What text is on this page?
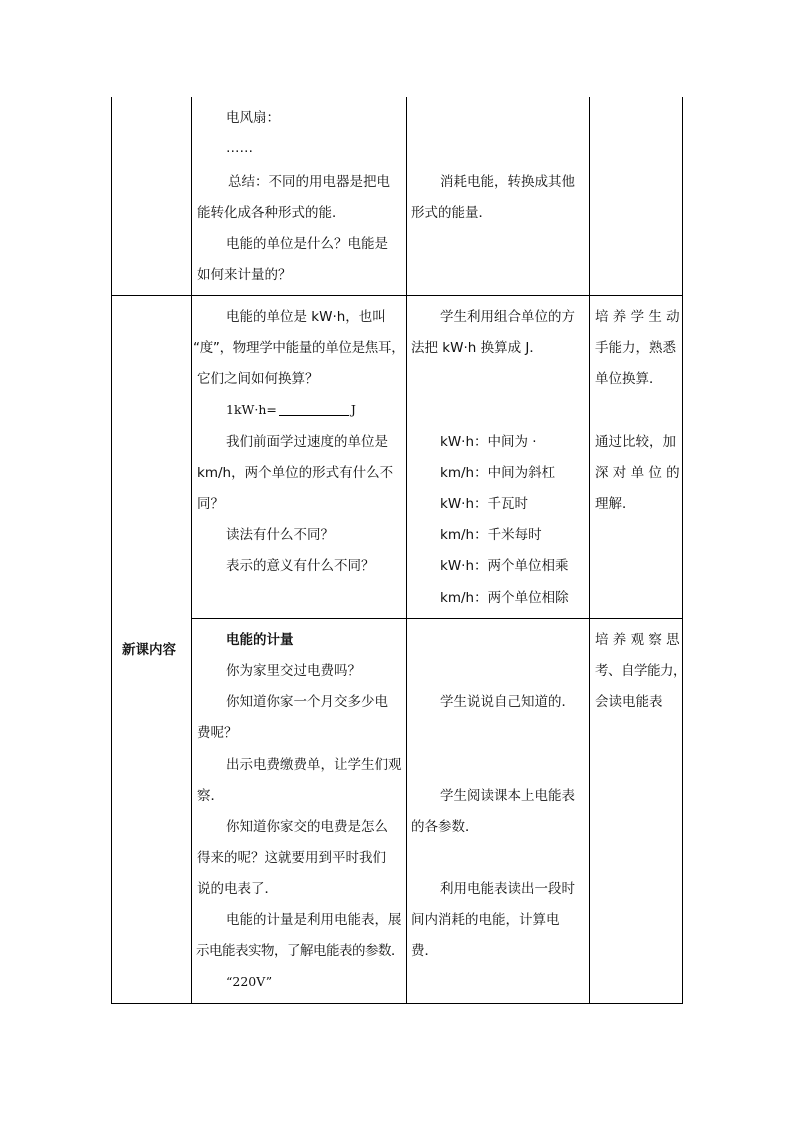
电风扇：
……
总结：不同的用电器是把电
能转化成各种形式的能．
电能的单位是什么？电能是
如何来计量的？
消耗电能，转换成其他
形式的能量．
新课内容
电能的单位是 kW·h，也叫
“度”，物理学中能量的单位是焦耳，
它们之间如何换算？
1kW·h=	J
我们前面学过速度的单位是
km/h，两个单位的形式有什么不
同？
读法有什么不同？
表示的意义有什么不同？
学生利用组合单位的方
法把 kW·h 换算成 J．
kW·h：中间为 ·
km/h：中间为斜杠
kW·h：千瓦时
km/h：千米每时
kW·h：两个单位相乘
km/h：两个单位相除
培 养 学 生 动
手能力，熟悉
单位换算．
通过比较，加
深 对 单 位 的
理解．
电能的计量
你为家里交过电费吗？
你知道你家一个月交多少电
费呢？
出示电费缴费单，让学生们观
察．
你知道你家交的电费是怎么
得来的呢？这就要用到平时我们
说的电表了．
电能的计量是利用电能表，展
示电能表实物，了解电能表的参数．
“220V”
学生说说自己知道的．
学生阅读课本上电能表
的各参数．
利用电能表读出一段时
间内消耗的电能，计算电
费．
培 养 观 察 思
考、自学能力，
会读电能表
